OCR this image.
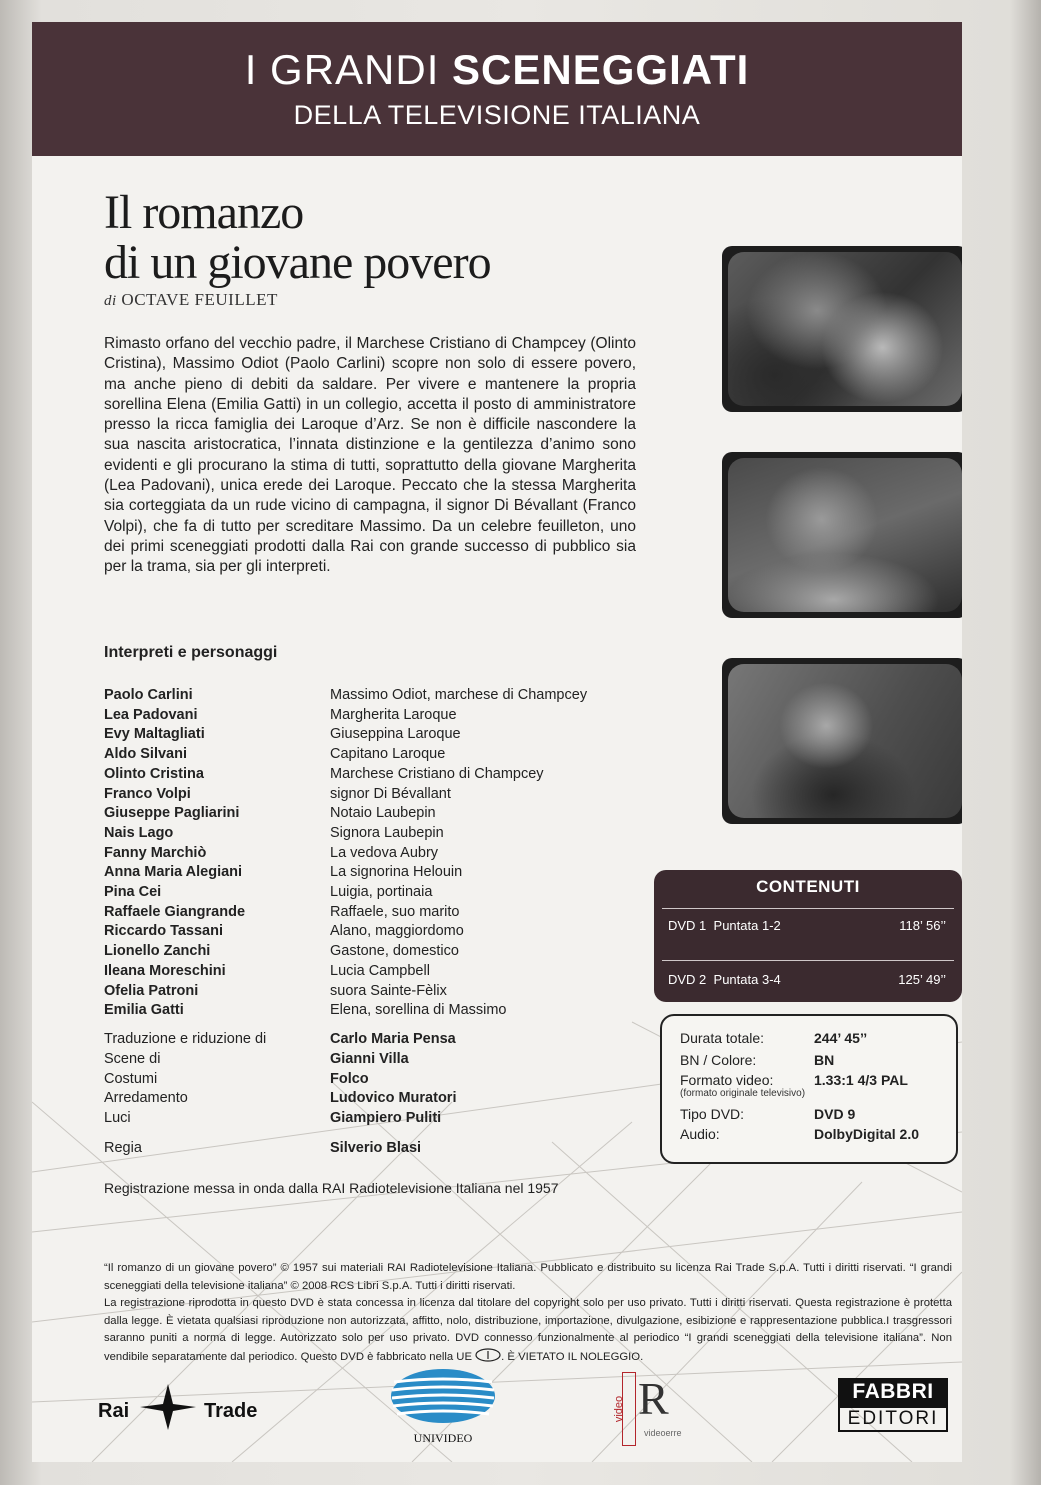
I GRANDI SCENEGGIATI
DELLA TELEVISIONE ITALIANA
Il romanzo
di un giovane povero
di OCTAVE FEUILLET
Rimasto orfano del vecchio padre, il Marchese Cristiano di Champcey (Olinto Cristina), Massimo Odiot (Paolo Carlini) scopre non solo di essere povero, ma anche pieno di debiti da saldare. Per vivere e mantenere la propria sorellina Elena (Emilia Gatti) in un collegio, accetta il posto di amministratore presso la ricca famiglia dei Laroque d’Arz. Se non è difficile nascondere la sua nascita aristocratica, l’innata distinzione e la gentilezza d’animo sono evidenti e gli procurano la stima di tutti, soprattutto della giovane Margherita (Lea Padovani), unica erede dei Laroque. Peccato che la stessa Margherita sia corteggiata da un rude vicino di campagna, il signor Di Bévallant (Franco Volpi), che fa di tutto per screditare Massimo. Da un celebre feuilleton, uno dei primi sceneggiati prodotti dalla Rai con grande successo di pubblico sia per la trama, sia per gli interpreti.
Interpreti e personaggi
Paolo Carlini	Massimo Odiot, marchese di Champcey
Lea Padovani	Margherita Laroque
Evy Maltagliati	Giuseppina Laroque
Aldo Silvani	Capitano Laroque
Olinto Cristina	Marchese Cristiano di Champcey
Franco Volpi	signor Di Bévallant
Giuseppe Pagliarini	Notaio Laubepin
Nais Lago	Signora Laubepin
Fanny Marchiò	La vedova Aubry
Anna Maria Alegiani	La signorina Helouin
Pina Cei	Luigia, portinaia
Raffaele Giangrande	Raffaele, suo marito
Riccardo Tassani	Alano, maggiordomo
Lionello Zanchi	Gastone, domestico
Ileana Moreschini	Lucia Campbell
Ofelia Patroni	suora Sainte-Fèlix
Emilia Gatti	Elena, sorellina di Massimo
Traduzione e riduzione di	Carlo Maria Pensa
Scene di	Gianni Villa
Costumi	Folco
Arredamento	Ludovico Muratori
Luci	Giampiero Puliti
Regia	Silverio Blasi
Registrazione messa in onda dalla RAI Radiotelevisione Italiana nel 1957
CONTENUTI
DVD 1 Puntata 1-2	118’ 56’’
DVD 2 Puntata 3-4	125’ 49’’
Durata totale:	244’ 45’’
BN / Colore:	BN
Formato video:	1.33:1 4/3 PAL
(formato originale televisivo)
Tipo DVD:	DVD 9
Audio:	DolbyDigital 2.0
“Il romanzo di un giovane povero” © 1957 sui materiali RAI Radiotelevisione Italiana. Pubblicato e distribuito su licenza Rai Trade S.p.A. Tutti i diritti riservati. “I grandi sceneggiati della televisione italiana” © 2008 RCS Libri S.p.A. Tutti i diritti riservati.
La registrazione riprodotta in questo DVD è stata concessa in licenza dal titolare del copyright solo per uso privato. Tutti i diritti riservati. Questa registrazione è protetta dalla legge. È vietata qualsiasi riproduzione non autorizzata, affitto, nolo, distribuzione, importazione, divulgazione, esibizione e rappresentazione pubblica.I trasgressori saranno puniti a norma di legge. Autorizzato solo per uso privato. DVD connesso funzionalmente al periodico “I grandi sceneggiati della televisione italiana”. Non vendibile separatamente dal periodico. Questo DVD è fabbricato nella UE	. È VIETATO IL NOLEGGIO.
Rai	Trade
UNIVIDEO
video R
videoerre
FABBRI
EDITORI
